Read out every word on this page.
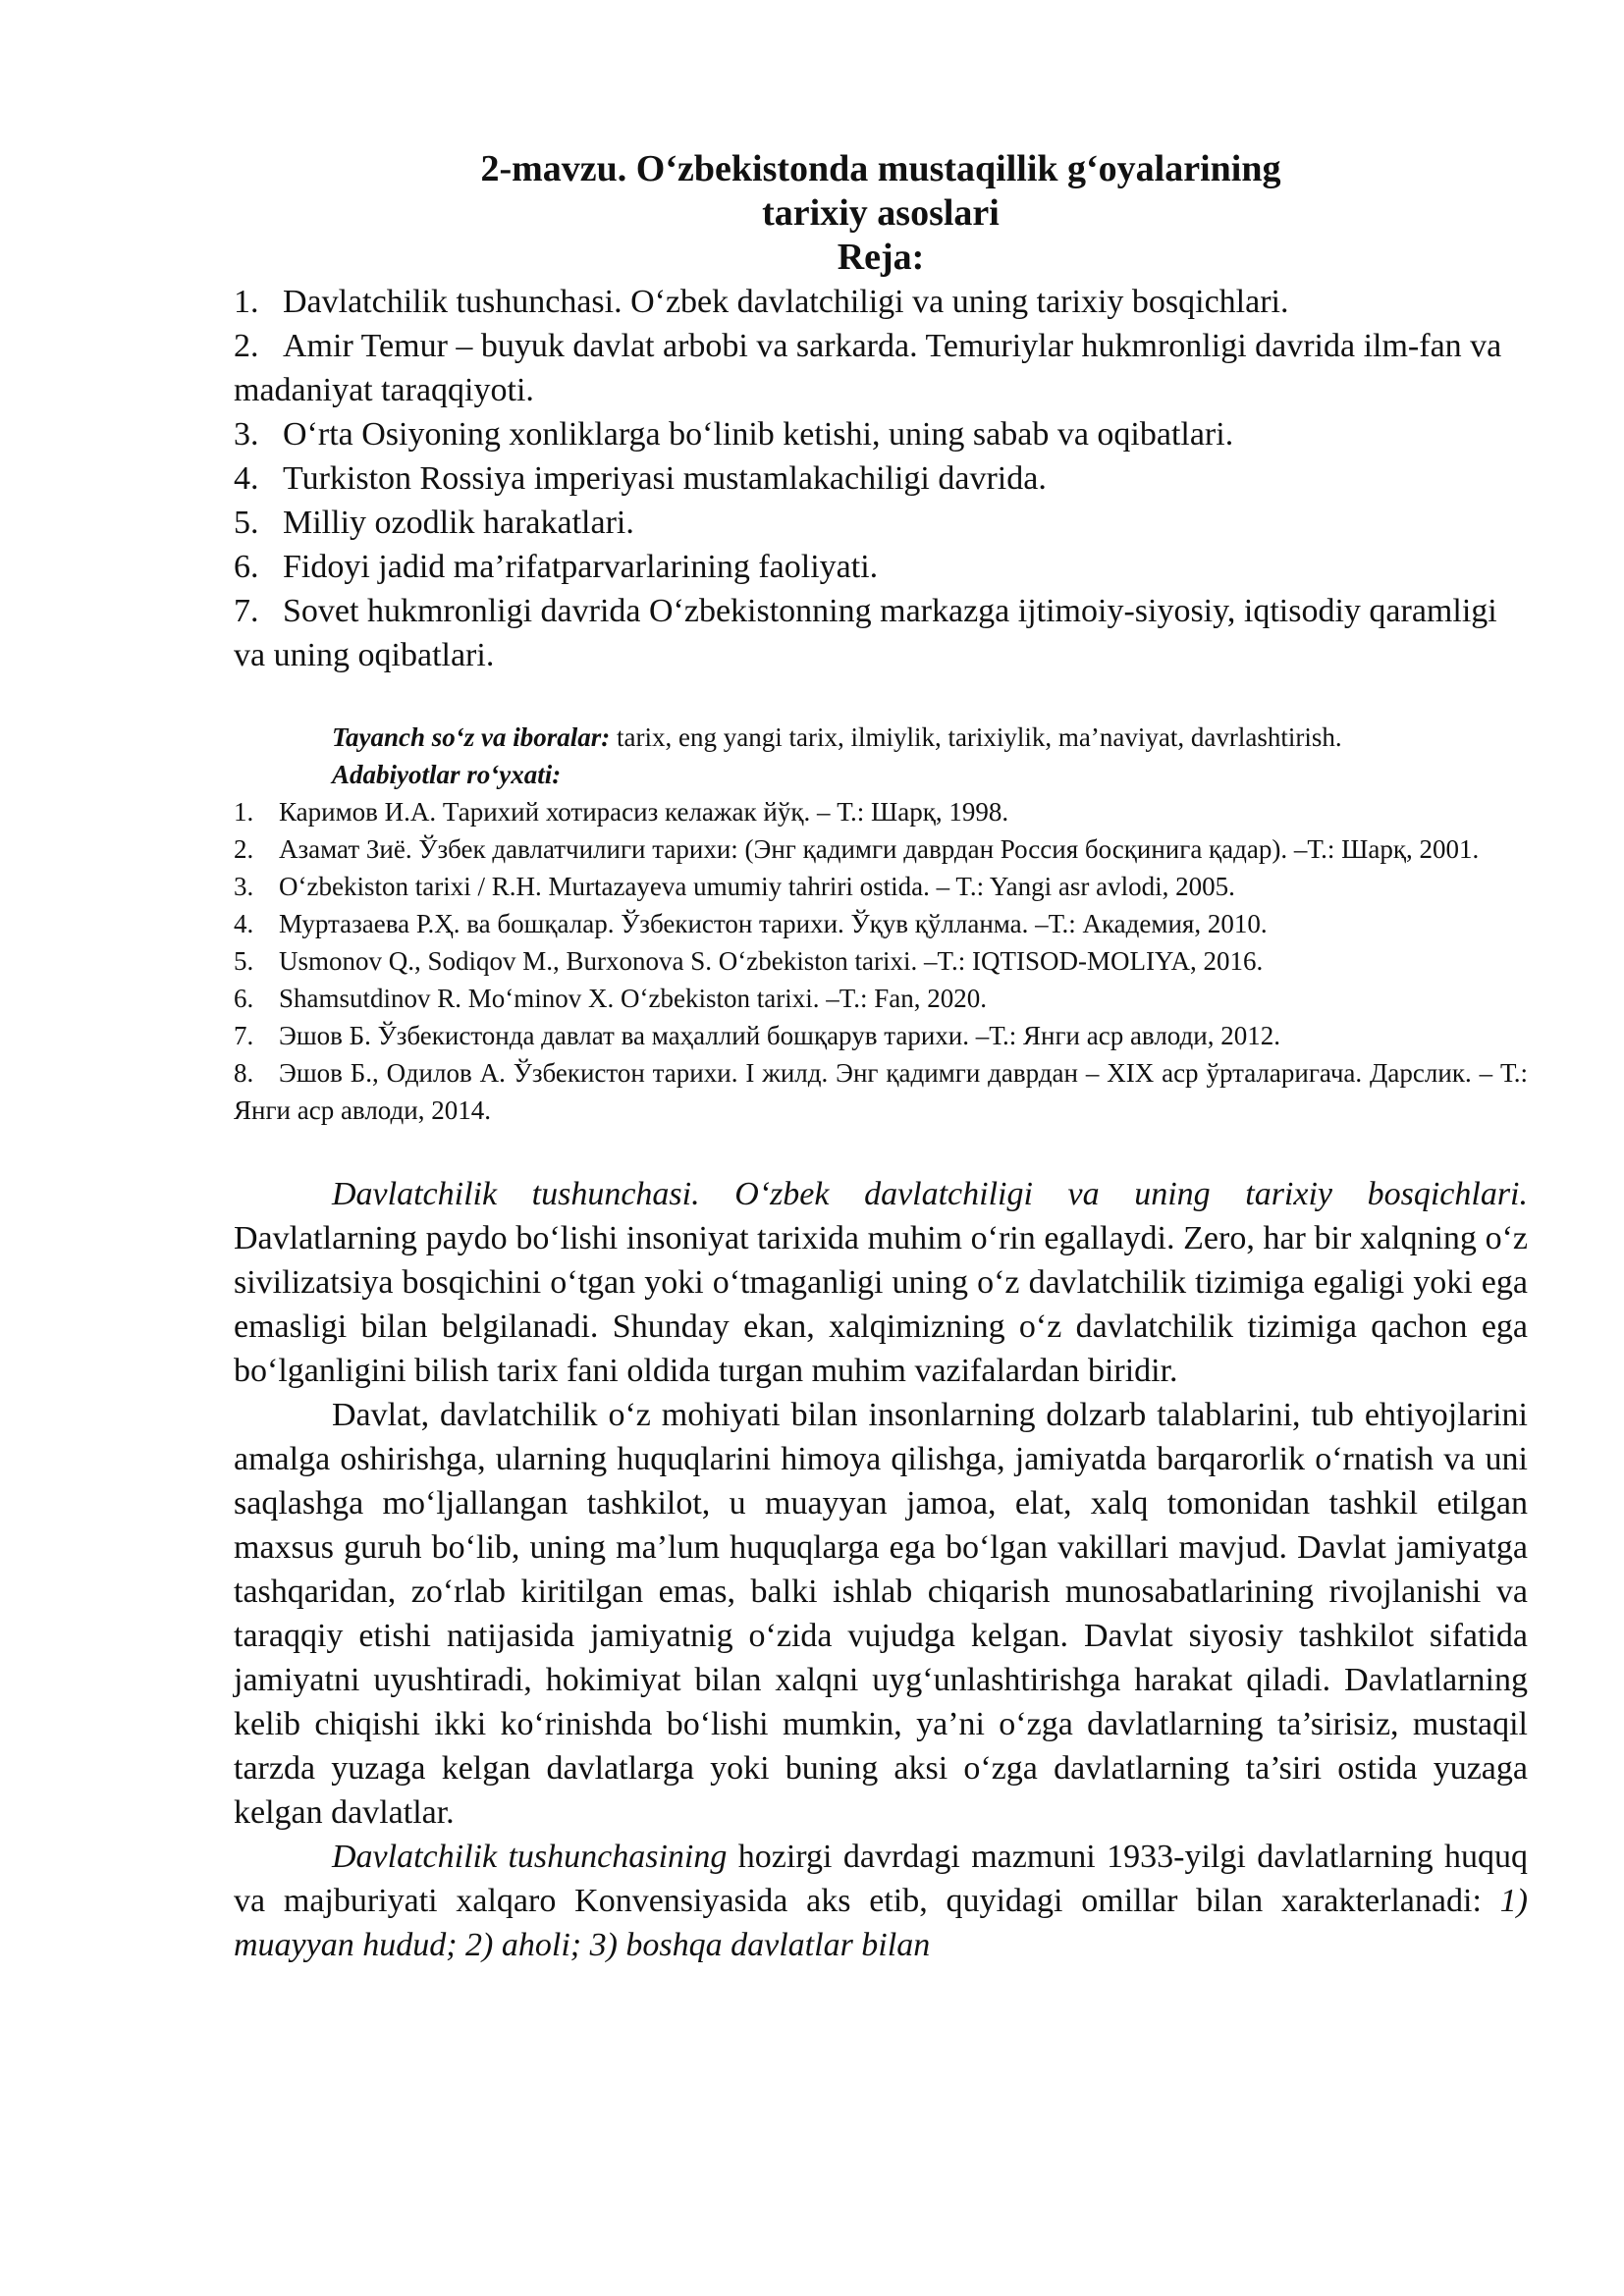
2-mavzu. O‘zbekistonda mustaqillik g‘oyalarining
tarixiy asoslari
Reja:

1. Davlatchilik tushunchasi. O‘zbek davlatchiligi va uning tarixiy bosqichlari.
2. Amir Temur – buyuk davlat arbobi va sarkarda. Temuriylar hukmronligi davrida ilm-fan va madaniyat taraqqiyoti.
3. O‘rta Osiyoning xonliklarga bo‘linib ketishi, uning sabab va oqibatlari.
4. Turkiston Rossiya imperiyasi mustamlakachiligi davrida.
5. Milliy ozodlik harakatlari.
6. Fidoyi jadid ma’rifatparvarlarining faoliyati.
7. Sovet hukmronligi davrida O‘zbekistonning markazga ijtimoiy-siyosiy, iqtisodiy qaramligi va uning oqibatlari.
Tayanch so‘z va iboralar: tarix, eng yangi tarix, ilmiylik, tarixiylik, ma’naviyat, davrlashtirish.
Adabiyotlar ro‘yxati:
1. Каримов И.А. Тарихий хотирасиз келажак йўқ. – Т.: Шарқ, 1998.
2. Азамат Зиё. Ўзбек давлатчилиги тарихи: (Энг қадимги даврдан Россия босқинига қадар). –Т.: Шарқ, 2001.
3. O‘zbekiston tarixi / R.H. Murtazayeva umumiy tahriri ostida. – T.: Yangi asr avlodi, 2005.
4. Муртазаева Р.Ҳ. ва бошқалар. Ўзбекистон тарихи. Ўқув қўлланма. –Т.: Академия, 2010.
5. Usmonov Q., Sodiqov M., Burxonova S. O‘zbekiston tarixi. –T.: IQTISOD-MOLIYA, 2016.
6. Shamsutdinov R. Mo‘minov X. O‘zbekiston tarixi. –T.: Fan, 2020.
7. Эшов Б. Ўзбекистонда давлат ва маҳаллий бошқарув тарихи. –Т.: Янги аср авлоди, 2012.
8. Эшов Б., Одилов А. Ўзбекистон тарихи. I жилд. Энг қадимги даврдан – XIX аср ўрталаригача. Дарслик. – Т.: Янги аср авлоди, 2014.

Davlatchilik tushunchasi. O‘zbek davlatchiligi va uning tarixiy bosqichlari. Davlatlarning paydo bo‘lishi insoniyat tarixida muhim o‘rin egallaydi. Zero, har bir xalqning o‘z sivilizatsiya bosqichini o‘tgan yoki o‘tmaganligi uning o‘z davlatchilik tizimiga egaligi yoki ega emasligi bilan belgilanadi. Shunday ekan, xalqimizning o‘z davlatchilik tizimiga qachon ega bo‘lganligini bilish tarix fani oldida turgan muhim vazifalardan biridir.

Davlat, davlatchilik o‘z mohiyati bilan insonlarning dolzarb talablarini, tub ehtiyojlarini amalga oshirishga, ularning huquqlarini himoya qilishga, jamiyatda barqarorlik o‘rnatish va uni saqlashga mo‘ljallangan tashkilot, u muayyan jamoa, elat, xalq tomonidan tashkil etilgan maxsus guruh bo‘lib, uning ma’lum huquqlarga ega bo‘lgan vakillari mavjud. Davlat jamiyatga tashqaridan, zo‘rlab kiritilgan emas, balki ishlab chiqarish munosabatlarining rivojlanishi va taraqqiy etishi natijasida jamiyatnig o‘zida vujudga kelgan. Davlat siyosiy tashkilot sifatida jamiyatni uyushtiradi, hokimiyat bilan xalqni uyg‘unlashtirishga harakat qiladi. Davlatlarning kelib chiqishi ikki ko‘rinishda bo‘lishi mumkin, ya’ni o‘zga davlatlarning ta’sirisiz, mustaqil tarzda yuzaga kelgan davlatlarga yoki buning aksi o‘zga davlatlarning ta’siri ostida yuzaga kelgan davlatlar.

Davlatchilik tushunchasining hozirgi davrdagi mazmuni 1933-yilgi davlatlarning huquq va majburiyati xalqaro Konvensiyasida aks etib, quyidagi omillar bilan xarakterlanadi: 1) muayyan hudud; 2) aholi; 3) boshqa davlatlar bilan
